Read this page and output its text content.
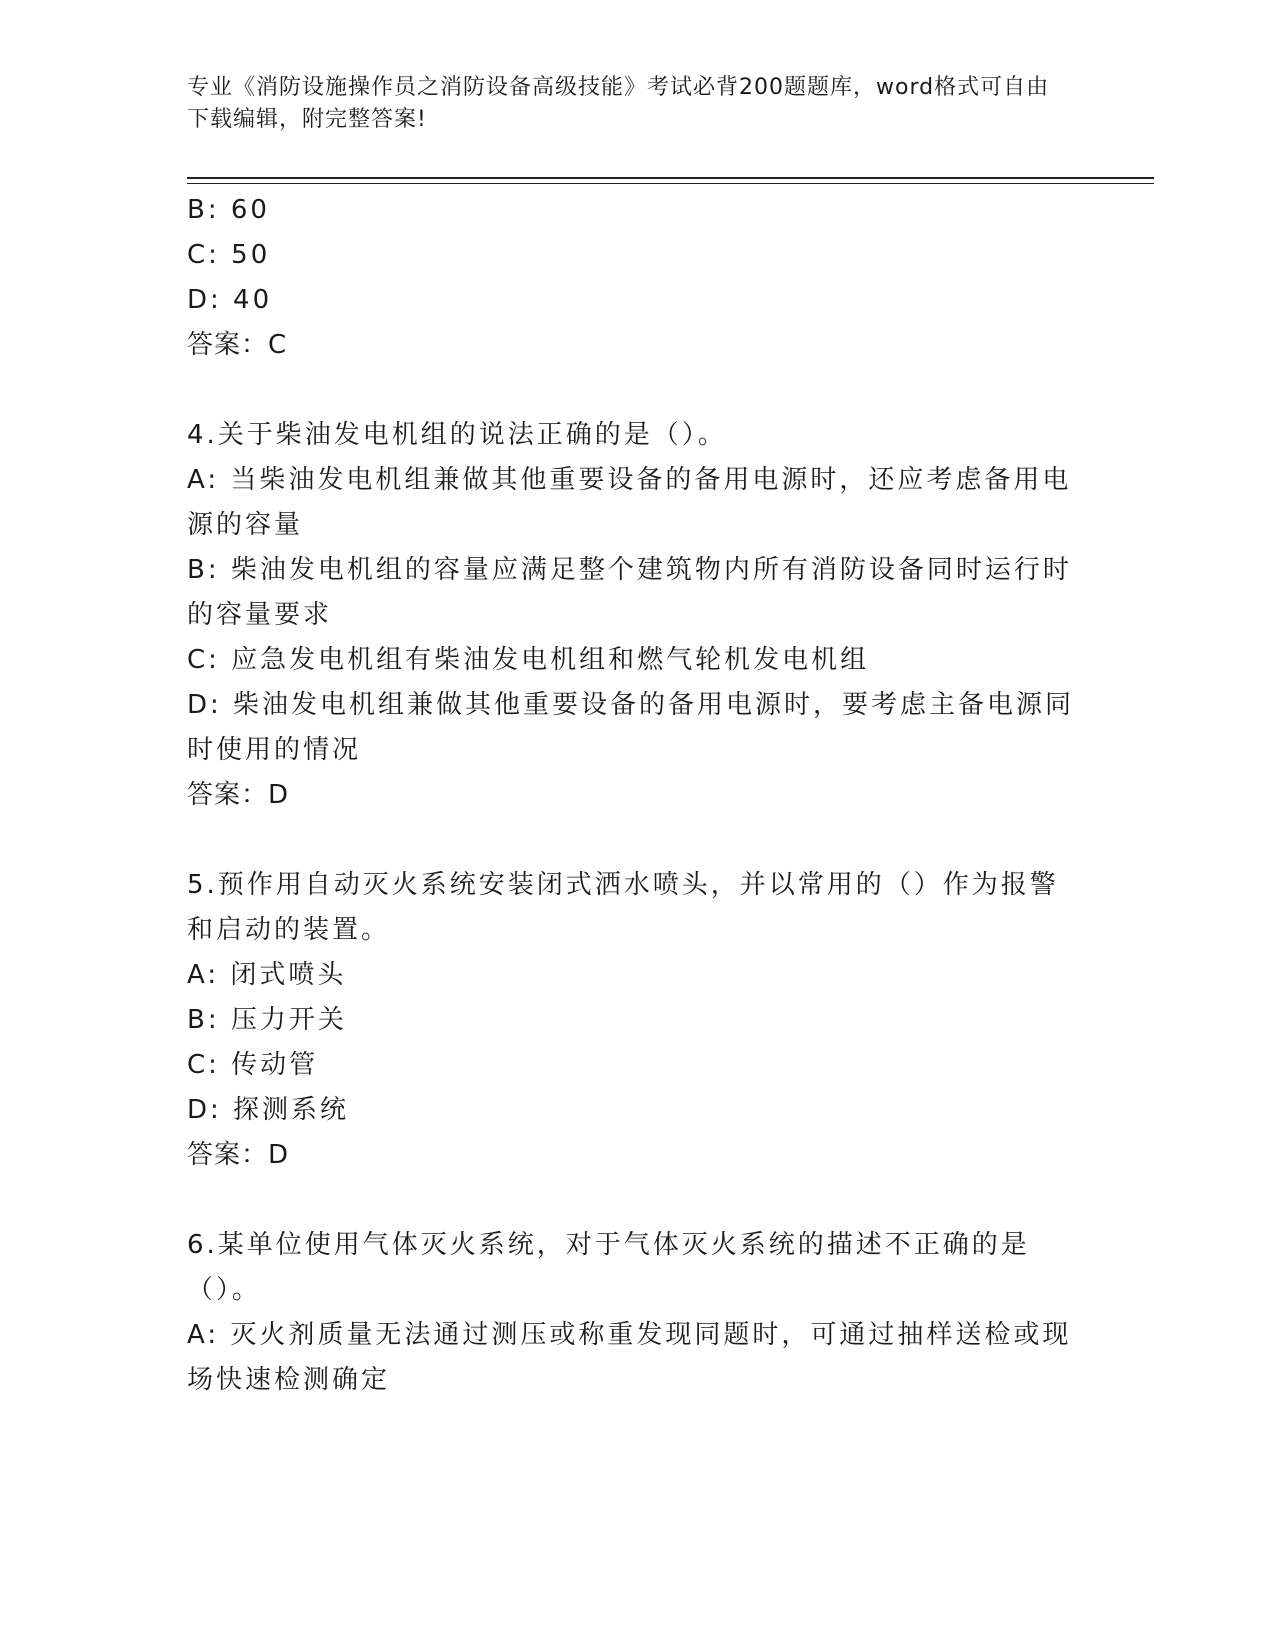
专业《消防设施操作员之消防设备高级技能》考试必背200题题库，word格式可自由下载编辑，附完整答案!

B: 60

C: 50

D: 40

答案：C

4.关于柴油发电机组的说法正确的是（）。

A: 当柴油发电机组兼做其他重要设备的备用电源时，还应考虑备用电源的容量

B: 柴油发电机组的容量应满足整个建筑物内所有消防设备同时运行时的容量要求

C: 应急发电机组有柴油发电机组和燃气轮机发电机组

D: 柴油发电机组兼做其他重要设备的备用电源时，要考虑主备电源同时使用的情况

答案：D

5.预作用自动灭火系统安装闭式洒水喷头，并以常用的（）作为报警和启动的装置。

A: 闭式喷头

B: 压力开关

C: 传动管

D: 探测系统

答案：D

6.某单位使用气体灭火系统，对于气体灭火系统的描述不正确的是（）。

A: 灭火剂质量无法通过测压或称重发现同题时，可通过抽样送检或现场快速检测确定
